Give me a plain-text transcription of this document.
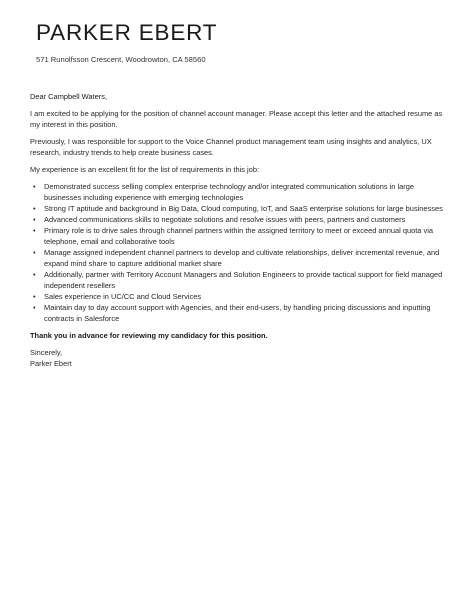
PARKER EBERT
571 Runolfsson Crescent, Woodrowton, CA 58560

Dear Campbell Waters,

I am excited to be applying for the position of channel account manager. Please accept this letter and the attached resume as my interest in this position.

Previously, I was responsible for support to the Voice Channel product management team using insights and analytics, UX research, industry trends to help create business cases.

My experience is an excellent fit for the list of requirements in this job:

• Demonstrated success selling complex enterprise technology and/or integrated communication solutions in large businesses including experience with emerging technologies
• Strong IT aptitude and background in Big Data, Cloud computing, IoT, and SaaS enterprise solutions for large businesses
• Advanced communications skills to negotiate solutions and resolve issues with peers, partners and customers
• Primary role is to drive sales through channel partners within the assigned territory to meet or exceed annual quota via telephone, email and collaborative tools
• Manage assigned independent channel partners to develop and cultivate relationships, deliver incremental revenue, and expand mind share to capture additional market share
• Additionally, partner with Territory Account Managers and Solution Engineers to provide tactical support for field managed independent resellers
• Sales experience in UC/CC and Cloud Services
• Maintain day to day account support with Agencies, and their end-users, by handling pricing discussions and inputting contracts in Salesforce

Thank you in advance for reviewing my candidacy for this position.

Sincerely,

Parker Ebert
